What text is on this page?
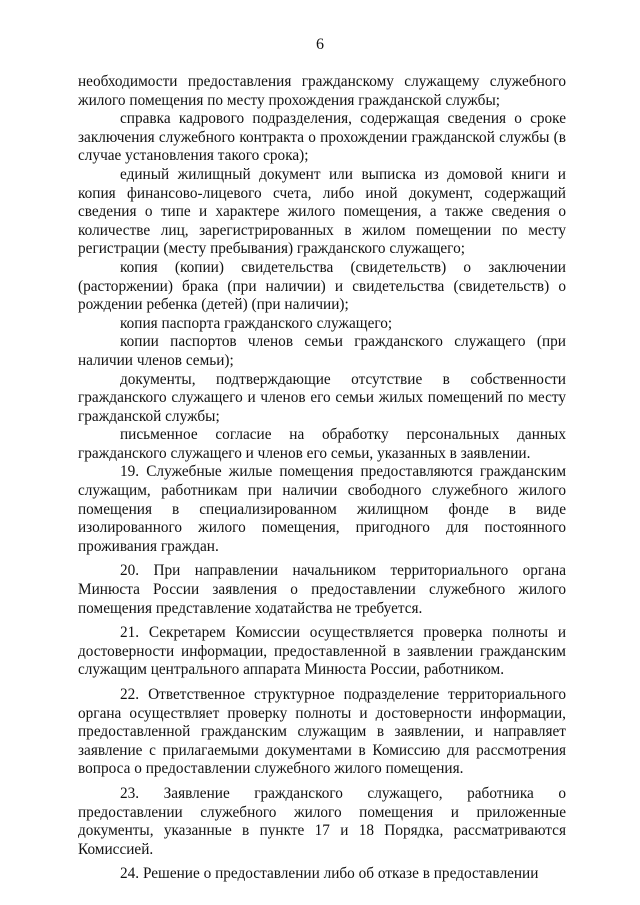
6

необходимости предоставления гражданскому служащему служебного жилого помещения по месту прохождения гражданской службы;

справка кадрового подразделения, содержащая сведения о сроке заключения служебного контракта о прохождении гражданской службы (в случае установления такого срока);

единый жилищный документ или выписка из домовой книги и копия финансово-лицевого счета, либо иной документ, содержащий сведения о типе и характере жилого помещения, а также сведения о количестве лиц, зарегистрированных в жилом помещении по месту регистрации (месту пребывания) гражданского служащего;

копия (копии) свидетельства (свидетельств) о заключении (расторжении) брака (при наличии) и свидетельства (свидетельств) о рождении ребенка (детей) (при наличии);

копия паспорта гражданского служащего;

копии паспортов членов семьи гражданского служащего (при наличии членов семьи);

документы, подтверждающие отсутствие в собственности гражданского служащего и членов его семьи жилых помещений по месту гражданской службы;

письменное согласие на обработку персональных данных гражданского служащего и членов его семьи, указанных в заявлении.

19. Служебные жилые помещения предоставляются гражданским служащим, работникам при наличии свободного служебного жилого помещения в специализированном жилищном фонде в виде изолированного жилого помещения, пригодного для постоянного проживания граждан.

20. При направлении начальником территориального органа Минюста России заявления о предоставлении служебного жилого помещения представление ходатайства не требуется.

21. Секретарем Комиссии осуществляется проверка полноты и достоверности информации, предоставленной в заявлении гражданским служащим центрального аппарата Минюста России, работником.

22. Ответственное структурное подразделение территориального органа осуществляет проверку полноты и достоверности информации, предоставленной гражданским служащим в заявлении, и направляет заявление с прилагаемыми документами в Комиссию для рассмотрения вопроса о предоставлении служебного жилого помещения.

23. Заявление гражданского служащего, работника о предоставлении служебного жилого помещения и приложенные документы, указанные в пункте 17 и 18 Порядка, рассматриваются Комиссией.

24. Решение о предоставлении либо об отказе в предоставлении
